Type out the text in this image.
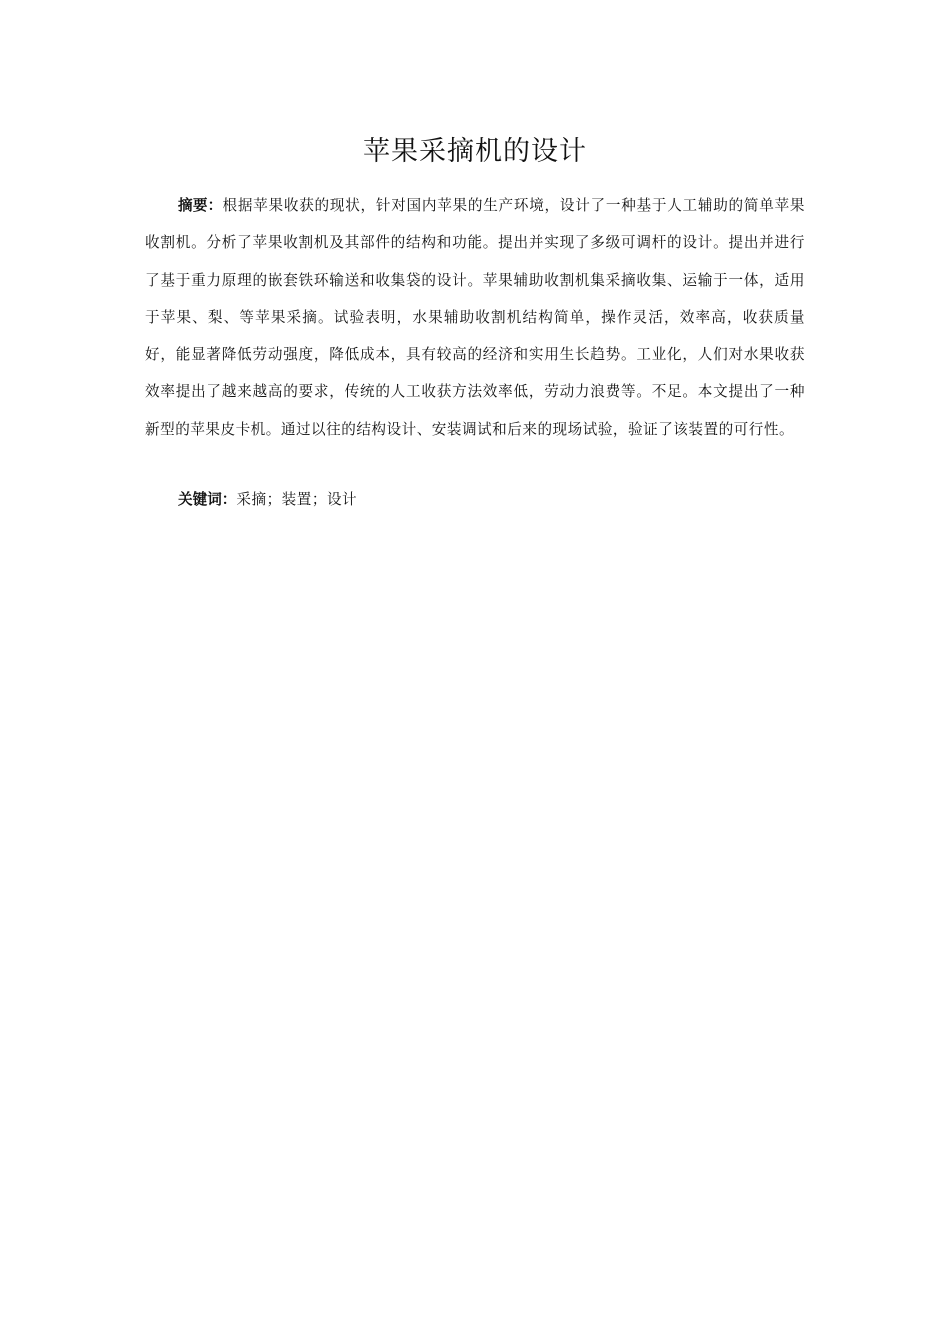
苹果采摘机的设计

摘要：根据苹果收获的现状，针对国内苹果的生产环境，设计了一种基于人工辅助的简单苹果收割机。分析了苹果收割机及其部件的结构和功能。提出并实现了多级可调杆的设计。提出并进行了基于重力原理的嵌套铁环输送和收集袋的设计。苹果辅助收割机集采摘收集、运输于一体，适用于苹果、梨、等苹果采摘。试验表明，水果辅助收割机结构简单，操作灵活，效率高，收获质量好，能显著降低劳动强度，降低成本，具有较高的经济和实用生长趋势。工业化，人们对水果收获效率提出了越来越高的要求，传统的人工收获方法效率低，劳动力浪费等。不足。本文提出了一种新型的苹果皮卡机。通过以往的结构设计、安装调试和后来的现场试验，验证了该装置的可行性。

关键词：采摘；装置；设计
